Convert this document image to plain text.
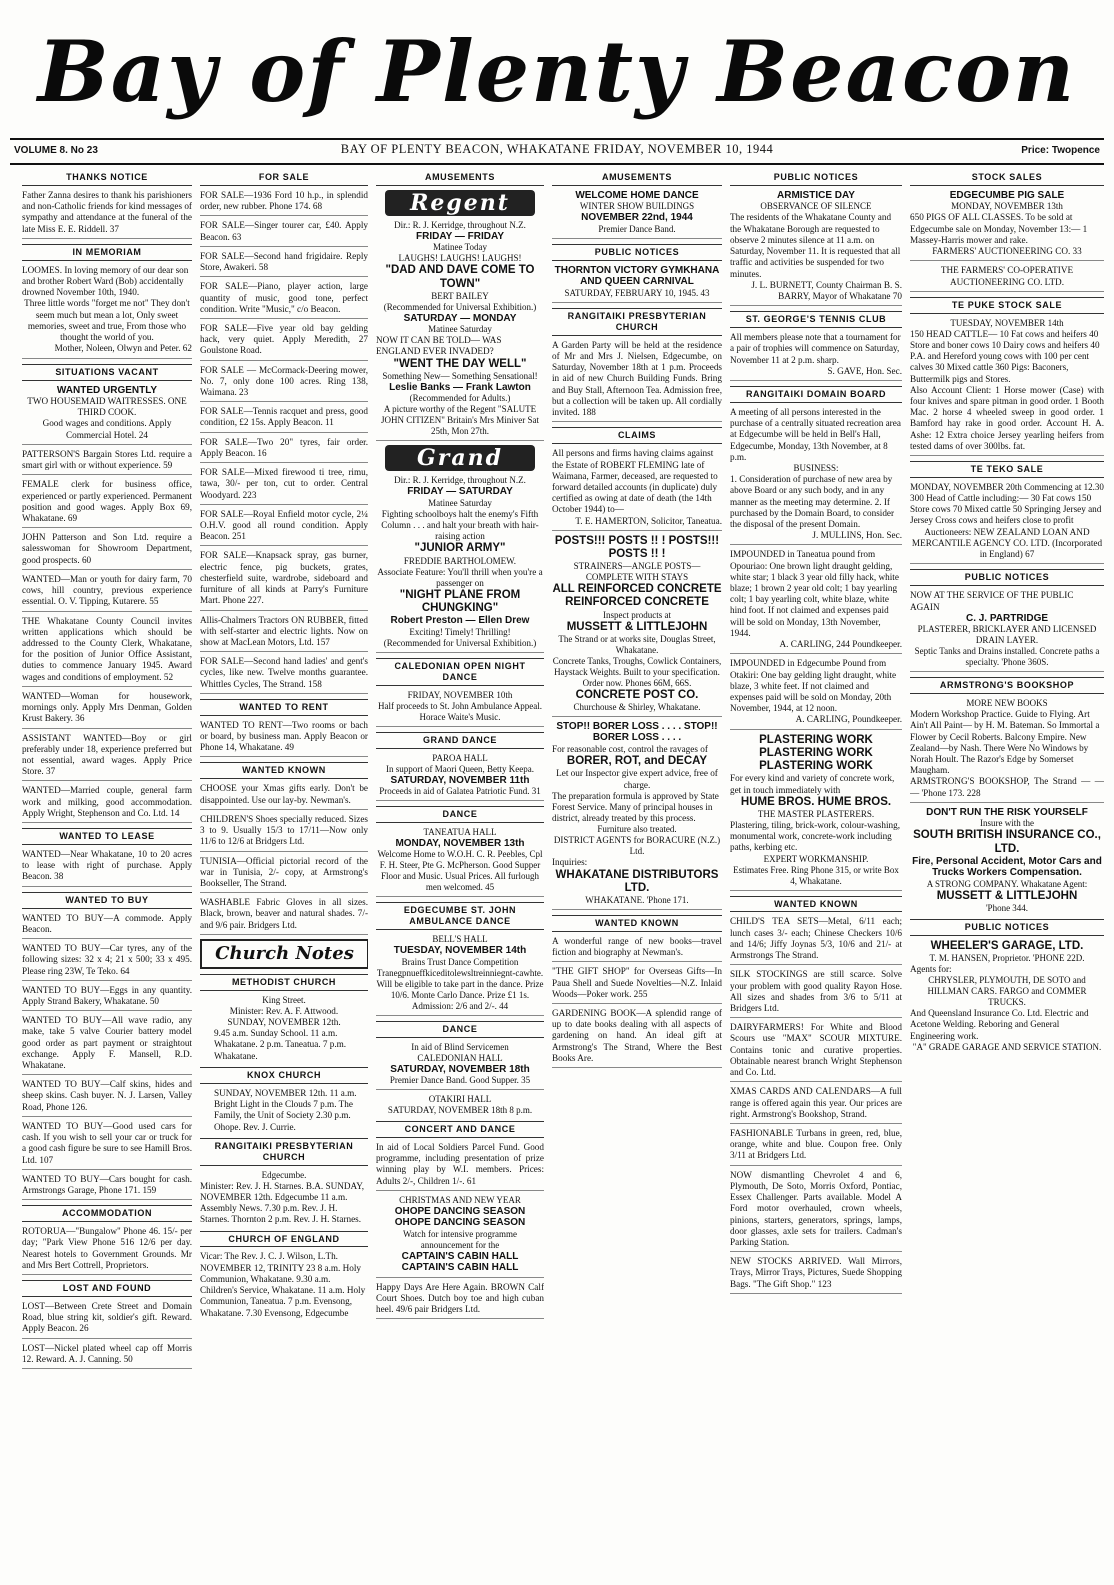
Bay of Plenty Beacon
VOLUME 8. No 23	BAY OF PLENTY BEACON, WHAKATANE FRIDAY, NOVEMBER 10, 1944	Price: Twopence
THANKS NOTICE

Father Zanna desires to thank his parishioners and non-Catholic friends for kind messages of sympathy and attendance at the funeral of the late Miss E. E. Riddell. 37

IN MEMORIAM

LOOMES. In loving memory of our dear son and brother Robert Ward (Bob) accidentally drowned November 10th, 1940.

Three little words "forget me not" They don't seem much but mean a lot, Only sweet memories, sweet and true, From those who thought the world of you.

Mother, Noleen, Olwyn and Peter. 62

SITUATIONS VACANT

WANTED URGENTLY

TWO HOUSEMAID WAITRESSES. ONE THIRD COOK.

Good wages and conditions. Apply Commercial Hotel. 24

PATTERSON'S Bargain Stores Ltd. require a smart girl with or without experience. 59

FEMALE clerk for business office, experienced or partly experienced. Permanent position and good wages. Apply Box 69, Whakatane. 69

JOHN Patterson and Son Ltd. require a salesswoman for Showroom Department, good prospects. 60

WANTED—Man or youth for dairy farm, 70 cows, hill country, previous experience essential. O. V. Tipping, Kutarere. 55

THE Whakatane County Council invites written applications which should be addressed to the County Clerk, Whakatane, for the position of Junior Office Assistant, duties to commence January 1945. Award wages and conditions of employment. 52

WANTED—Woman for housework, mornings only. Apply Mrs Denman, Golden Krust Bakery. 36

ASSISTANT WANTED—Boy or girl preferably under 18, experience preferred but not essential, award wages. Apply Price Store. 37

WANTED—Married couple, general farm work and milking, good accommodation. Apply Wright, Stephenson and Co. Ltd. 14

WANTED TO LEASE

WANTED—Near Whakatane, 10 to 20 acres to lease with right of purchase. Apply Beacon. 38

WANTED TO BUY

WANTED TO BUY—A commode. Apply Beacon.

WANTED TO BUY—Car tyres, any of the following sizes: 32 x 4; 21 x 500; 33 x 495. Please ring 23W, Te Teko. 64

WANTED TO BUY—Eggs in any quantity. Apply Strand Bakery, Whakatane. 50

WANTED TO BUY—All wave radio, any make, take 5 valve Courier battery model good order as part payment or straightout exchange. Apply F. Mansell, R.D. Whakatane.

WANTED TO BUY—Calf skins, hides and sheep skins. Cash buyer. N. J. Larsen, Valley Road, Phone 126.

WANTED TO BUY—Good used cars for cash. If you wish to sell your car or truck for a good cash figure be sure to see Hamill Bros. Ltd. 107

WANTED TO BUY—Cars bought for cash. Armstrongs Garage, Phone 171. 159

ACCOMMODATION

ROTORUA—"Bungalow" Phone 46. 15/- per day; "Park View Phone 516 12/6 per day. Nearest hotels to Government Grounds. Mr and Mrs Bert Cottrell, Proprietors.

LOST AND FOUND

LOST—Between Crete Street and Domain Road, blue string kit, soldier's gift. Reward. Apply Beacon. 26

LOST—Nickel plated wheel cap off Morris 12. Reward. A. J. Canning. 50

FOR SALE

FOR SALE—1936 Ford 10 h.p., in splendid order, new rubber. Phone 174. 68

FOR SALE—Singer tourer car, £40. Apply Beacon. 63

FOR SALE—Second hand frigidaire. Reply Store, Awakeri. 58

FOR SALE—Piano, player action, large quantity of music, good tone, perfect condition. Write "Music," c/o Beacon.

FOR SALE—Five year old bay gelding hack, very quiet. Apply Meredith, 27 Goulstone Road.

FOR SALE — McCormack-Deering mower, No. 7, only done 100 acres. Ring 138, Waimana. 23

FOR SALE—Tennis racquet and press, good condition, £2 15s. Apply Beacon. 11

FOR SALE—Two 20" tyres, fair order. Apply Beacon. 16

FOR SALE—Mixed firewood ti tree, rimu, tawa, 30/- per ton, cut to order. Central Woodyard. 223

FOR SALE—Royal Enfield motor cycle, 2¼ O.H.V. good all round condition. Apply Beacon. 251

FOR SALE—Knapsack spray, gas burner, electric fence, pig buckets, grates, chesterfield suite, wardrobe, sideboard and furniture of all kinds at Parry's Furniture Mart. Phone 227.

Allis-Chalmers Tractors ON RUBBER, fitted with self-starter and electric lights. Now on show at MacLean Motors, Ltd. 157

FOR SALE—Second hand ladies' and gent's cycles, like new. Twelve months guarantee. Whittles Cycles, The Strand. 158

WANTED TO RENT

WANTED TO RENT—Two rooms or bach or board, by business man. Apply Beacon or Phone 14, Whakatane. 49

WANTED KNOWN

CHOOSE your Xmas gifts early. Don't be disappointed. Use our lay-by. Newman's.

CHILDREN'S Shoes specially reduced. Sizes 3 to 9. Usually 15/3 to 17/11—Now only 11/6 to 12/6 at Bridgers Ltd.

TUNISIA—Official pictorial record of the war in Tunisia, 2/- copy, at Armstrong's Bookseller, The Strand.

WASHABLE Fabric Gloves in all sizes. Black, brown, beaver and natural shades. 7/- and 9/6 pair. Bridgers Ltd.

Church Notes
METHODIST CHURCH

King Street.

Minister: Rev. A. F. Attwood.

SUNDAY, NOVEMBER 12th.

9.45 a.m. Sunday School. 11 a.m. Whakatane. 2 p.m. Taneatua. 7 p.m. Whakatane.

KNOX CHURCH

SUNDAY, NOVEMBER 12th. 11 a.m. Bright Light in the Clouds 7 p.m. The Family, the Unit of Society 2.30 p.m. Ohope. Rev. J. Currie.

RANGITAIKI PRESBYTERIAN CHURCH

Edgecumbe.

Minister: Rev. J. H. Starnes. B.A. SUNDAY, NOVEMBER 12th. Edgecumbe 11 a.m. Assembly News. 7.30 p.m. Rev. J. H. Starnes. Thornton 2 p.m. Rev. J. H. Starnes.

CHURCH OF ENGLAND

Vicar: The Rev. J. C. J. Wilson, L.Th. NOVEMBER 12, TRINITY 23 8 a.m. Holy Communion, Whakatane. 9.30 a.m. Children's Service, Whakatane. 11 a.m. Holy Communion, Taneatua. 7 p.m. Evensong, Whakatane. 7.30 Evensong, Edgecumbe

AMUSEMENTS
Regent

Dir.: R. J. Kerridge, throughout N.Z.

FRIDAY — FRIDAY

Matinee Today

LAUGHS! LAUGHS! LAUGHS!

"DAD AND DAVE COME TO TOWN"

BERT BAILEY

(Recommended for Universal Exhibition.)

SATURDAY — MONDAY

Matinee Saturday

NOW IT CAN BE TOLD— WAS ENGLAND EVER INVADED?

"WENT THE DAY WELL"

Something New— Something Sensational!

Leslie Banks — Frank Lawton

(Recommended for Adults.)

A picture worthy of the Regent "SALUTE JOHN CITIZEN" Britain's Mrs Miniver Sat 25th, Mon 27th.

Grand

Dir.: R. J. Kerridge, throughout N.Z.

FRIDAY — SATURDAY

Matinee Saturday

Fighting schoolboys halt the enemy's Fifth Column . . . and halt your breath with hair-raising action

"JUNIOR ARMY"

FREDDIE BARTHOLOMEW.

Associate Feature: You'll thrill when you're a passenger on

"NIGHT PLANE FROM CHUNGKING"

Robert Preston — Ellen Drew

Exciting! Timely! Thrilling!

(Recommended for Universal Exhibition.)

CALEDONIAN OPEN NIGHT DANCE

FRIDAY, NOVEMBER 10th

Half proceeds to St. John Ambulance Appeal. Horace Waite's Music.

GRAND DANCE

PAROA HALL

In support of Maori Queen, Betty Keepa.

SATURDAY, NOVEMBER 11th

Proceeds in aid of Galatea Patriotic Fund. 31

DANCE

TANEATUA HALL

MONDAY, NOVEMBER 13th

Welcome Home to W.O.H. C. R. Peebles, Cpl F. H. Steer, Pte G. McPherson. Good Supper Floor and Music. Usual Prices. All furlough men welcomed. 45

EDGECUMBE ST. JOHN AMBULANCE DANCE

BELL'S HALL

TUESDAY, NOVEMBER 14th

Brains Trust Dance Competition Tranegpnueffkiceditolewsltreinniegnt-cawhte. Will be eligible to take part in the dance. Prize 10/6. Monte Carlo Dance. Prize £1 1s. Admission: 2/6 and 2/-. 44

DANCE

In aid of Blind Servicemen

CALEDONIAN HALL

SATURDAY, NOVEMBER 18th

Premier Dance Band. Good Supper. 35

OTAKIRI HALL

SATURDAY, NOVEMBER 18th 8 p.m.

CONCERT AND DANCE

In aid of Local Soldiers Parcel Fund. Good programme, including presentation of prize winning play by W.I. members. Prices: Adults 2/-, Children 1/-. 61

CHRISTMAS AND NEW YEAR

OHOPE DANCING SEASON OHOPE DANCING SEASON

Watch for intensive programme announcement for the

CAPTAIN'S CABIN HALL CAPTAIN'S CABIN HALL

Happy Days Are Here Again. BROWN Calf Court Shoes. Dutch boy toe and high cuban heel. 49/6 pair Bridgers Ltd.

AMUSEMENTS

WELCOME HOME DANCE

WINTER SHOW BUILDINGS

NOVEMBER 22nd, 1944

Premier Dance Band.

PUBLIC NOTICES

THORNTON VICTORY GYMKHANA AND QUEEN CARNIVAL

SATURDAY, FEBRUARY 10, 1945. 43

RANGITAIKI PRESBYTERIAN CHURCH

A Garden Party will be held at the residence of Mr and Mrs J. Nielsen, Edgecumbe, on Saturday, November 18th at 1 p.m. Proceeds in aid of new Church Building Funds. Bring and Buy Stall, Afternoon Tea. Admission free, but a collection will be taken up. All cordially invited. 188

CLAIMS

All persons and firms having claims against the Estate of ROBERT FLEMING late of Waimana, Farmer, deceased, are requested to forward detailed accounts (in duplicate) duly certified as owing at date of death (the 14th October 1944) to—

T. E. HAMERTON, Solicitor, Taneatua.

POSTS!!! POSTS !! ! POSTS!!! POSTS !! !

STRAINERS—ANGLE POSTS— COMPLETE WITH STAYS

ALL REINFORCED CONCRETE REINFORCED CONCRETE

Inspect products at

MUSSETT & LITTLEJOHN

The Strand or at works site, Douglas Street, Whakatane.

Concrete Tanks, Troughs, Cowlick Containers, Haystack Weights. Built to your specification. Order now. Phones 66M, 66S.

CONCRETE POST CO.

Churchouse & Shirley, Whakatane.

STOP!! BORER LOSS . . . . STOP!! BORER LOSS . . . .

For reasonable cost, control the ravages of

BORER, ROT, and DECAY

Let our Inspector give expert advice, free of charge.

The preparation formula is approved by State Forest Service. Many of principal houses in district, already treated by this process.

Furniture also treated.

DISTRICT AGENTS for BORACURE (N.Z.) Ltd.

Inquiries:

WHAKATANE DISTRIBUTORS LTD.

WHAKATANE. 'Phone 171.

WANTED KNOWN

A wonderful range of new books—travel fiction and biography at Newman's.

"THE GIFT SHOP" for Overseas Gifts—In Paua Shell and Suede Novelties—N.Z. Inlaid Woods—Poker work. 255

GARDENING BOOK—A splendid range of up to date books dealing with all aspects of gardening on hand. An ideal gift at Armstrong's The Strand, Where the Best Books Are.

PUBLIC NOTICES

ARMISTICE DAY

OBSERVANCE OF SILENCE

The residents of the Whakatane County and the Whakatane Borough are requested to observe 2 minutes silence at 11 a.m. on Saturday, November 11. It is requested that all traffic and activities be suspended for two minutes.

J. L. BURNETT, County Chairman B. S. BARRY, Mayor of Whakatane 70

ST. GEORGE'S TENNIS CLUB

All members please note that a tournament for a pair of trophies will commence on Saturday, November 11 at 2 p.m. sharp.

S. GAVE, Hon. Sec.

RANGITAIKI DOMAIN BOARD

A meeting of all persons interested in the purchase of a centrally situated recreation area at Edgecumbe will be held in Bell's Hall, Edgecumbe, Monday, 13th November, at 8 p.m.

BUSINESS:

1. Consideration of purchase of new area by above Board or any such body, and in any manner as the meeting may determine. 2. If purchased by the Domain Board, to consider the disposal of the present Domain.

J. MULLINS, Hon. Sec.

IMPOUNDED in Taneatua pound from Opouriao: One brown light draught gelding, white star; 1 black 3 year old filly hack, white blaze; 1 brown 2 year old colt; 1 bay yearling colt; 1 bay yearling colt, white blaze, white hind foot. If not claimed and expenses paid will be sold on Monday, 13th November, 1944.

A. CARLING, 244 Poundkeeper.

IMPOUNDED in Edgecumbe Pound from Otakiri: One bay gelding light draught, white blaze, 3 white feet. If not claimed and expenses paid will be sold on Monday, 20th November, 1944, at 12 noon.

A. CARLING, Poundkeeper.

PLASTERING WORK PLASTERING WORK PLASTERING WORK

For every kind and variety of concrete work, get in touch immediately with

HUME BROS. HUME BROS.

THE MASTER PLASTERERS.

Plastering, tiling, brick-work, colour-washing, monumental work, concrete-work including paths, kerbing etc.

EXPERT WORKMANSHIP.

Estimates Free. Ring Phone 315, or write Box 4, Whakatane.

WANTED KNOWN

CHILD'S TEA SETS—Metal, 6/11 each; lunch cases 3/- each; Chinese Checkers 10/6 and 14/6; Jiffy Joynas 5/3, 10/6 and 21/- at Armstrongs The Strand.

SILK STOCKINGS are still scarce. Solve your problem with good quality Rayon Hose. All sizes and shades from 3/6 to 5/11 at Bridgers Ltd.

DAIRYFARMERS! For White and Blood Scours use "MAX" SCOUR MIXTURE. Contains tonic and curative properties. Obtainable nearest branch Wright Stephenson and Co. Ltd.

XMAS CARDS AND CALENDARS—A full range is offered again this year. Our prices are right. Armstrong's Bookshop, Strand.

FASHIONABLE Turbans in green, red, blue, orange, white and blue. Coupon free. Only 3/11 at Bridgers Ltd.

NOW dismantling Chevrolet 4 and 6, Plymouth, De Soto, Morris Oxford, Pontiac, Essex Challenger. Parts available. Model A Ford motor overhauled, crown wheels, pinions, starters, generators, springs, lamps, door glasses, axle sets for trailers. Cadman's Parking Station.

NEW STOCKS ARRIVED. Wall Mirrors, Trays, Mirror Trays, Pictures, Suede Shopping Bags. "The Gift Shop." 123

STOCK SALES

EDGECUMBE PIG SALE

MONDAY, NOVEMBER 13th

650 PIGS OF ALL CLASSES. To be sold at Edgecumbe sale on Monday, November 13:— 1 Massey-Harris mower and rake.

FARMERS' AUCTIONEERING CO. 33

THE FARMERS' CO-OPERATIVE AUCTIONEERING CO. LTD.

TE PUKE STOCK SALE

TUESDAY, NOVEMBER 14th

150 HEAD CATTLE— 10 Fat cows and heifers 40 Store and boner cows 10 Dairy cows and heifers 40 P.A. and Hereford young cows with 100 per cent calves 30 Mixed cattle 360 Pigs: Baconers, Buttermilk pigs and Stores.

Also Account Client: 1 Horse mower (Case) with four knives and spare pitman in good order. 1 Booth Mac. 2 horse 4 wheeled sweep in good order. 1 Bamford hay rake in good order. Account H. A. Ashe: 12 Extra choice Jersey yearling heifers from tested dams of over 300lbs. fat.

TE TEKO SALE

MONDAY, NOVEMBER 20th Commencing at 12.30

300 Head of Cattle including:— 30 Fat cows 150 Store cows 70 Mixed cattle 50 Springing Jersey and Jersey Cross cows and heifers close to profit

Auctioneers: NEW ZEALAND LOAN AND MERCANTILE AGENCY CO. LTD. (Incorporated in England) 67

PUBLIC NOTICES

NOW AT THE SERVICE OF THE PUBLIC AGAIN

C. J. PARTRIDGE

PLASTERER, BRICKLAYER AND LICENSED DRAIN LAYER.

Septic Tanks and Drains installed. Concrete paths a specialty. 'Phone 360S.

ARMSTRONG'S BOOKSHOP

MORE NEW BOOKS

Modern Workshop Practice. Guide to Flying. Art Ain't All Paint— by H. M. Bateman. So Immortal a Flower by Cecil Roberts. Balcony Empire. New Zealand—by Nash. There Were No Windows by Norah Hoult. The Razor's Edge by Somerset Maugham.

ARMSTRONG'S BOOKSHOP, The Strand — — — 'Phone 173. 228

DON'T RUN THE RISK YOURSELF

Insure with the

SOUTH BRITISH INSURANCE CO., LTD.

Fire, Personal Accident, Motor Cars and Trucks Workers Compensation.

A STRONG COMPANY. Whakatane Agent:

MUSSETT & LITTLEJOHN

'Phone 344.

PUBLIC NOTICES

WHEELER'S GARAGE, LTD.

T. M. HANSEN, Proprietor. 'PHONE 22D.

Agents for:

CHRYSLER, PLYMOUTH, DE SOTO and HILLMAN CARS. FARGO and COMMER TRUCKS.

And Queensland Insurance Co. Ltd. Electric and Acetone Welding. Reboring and General Engineering work.

"A" GRADE GARAGE AND SERVICE STATION.
